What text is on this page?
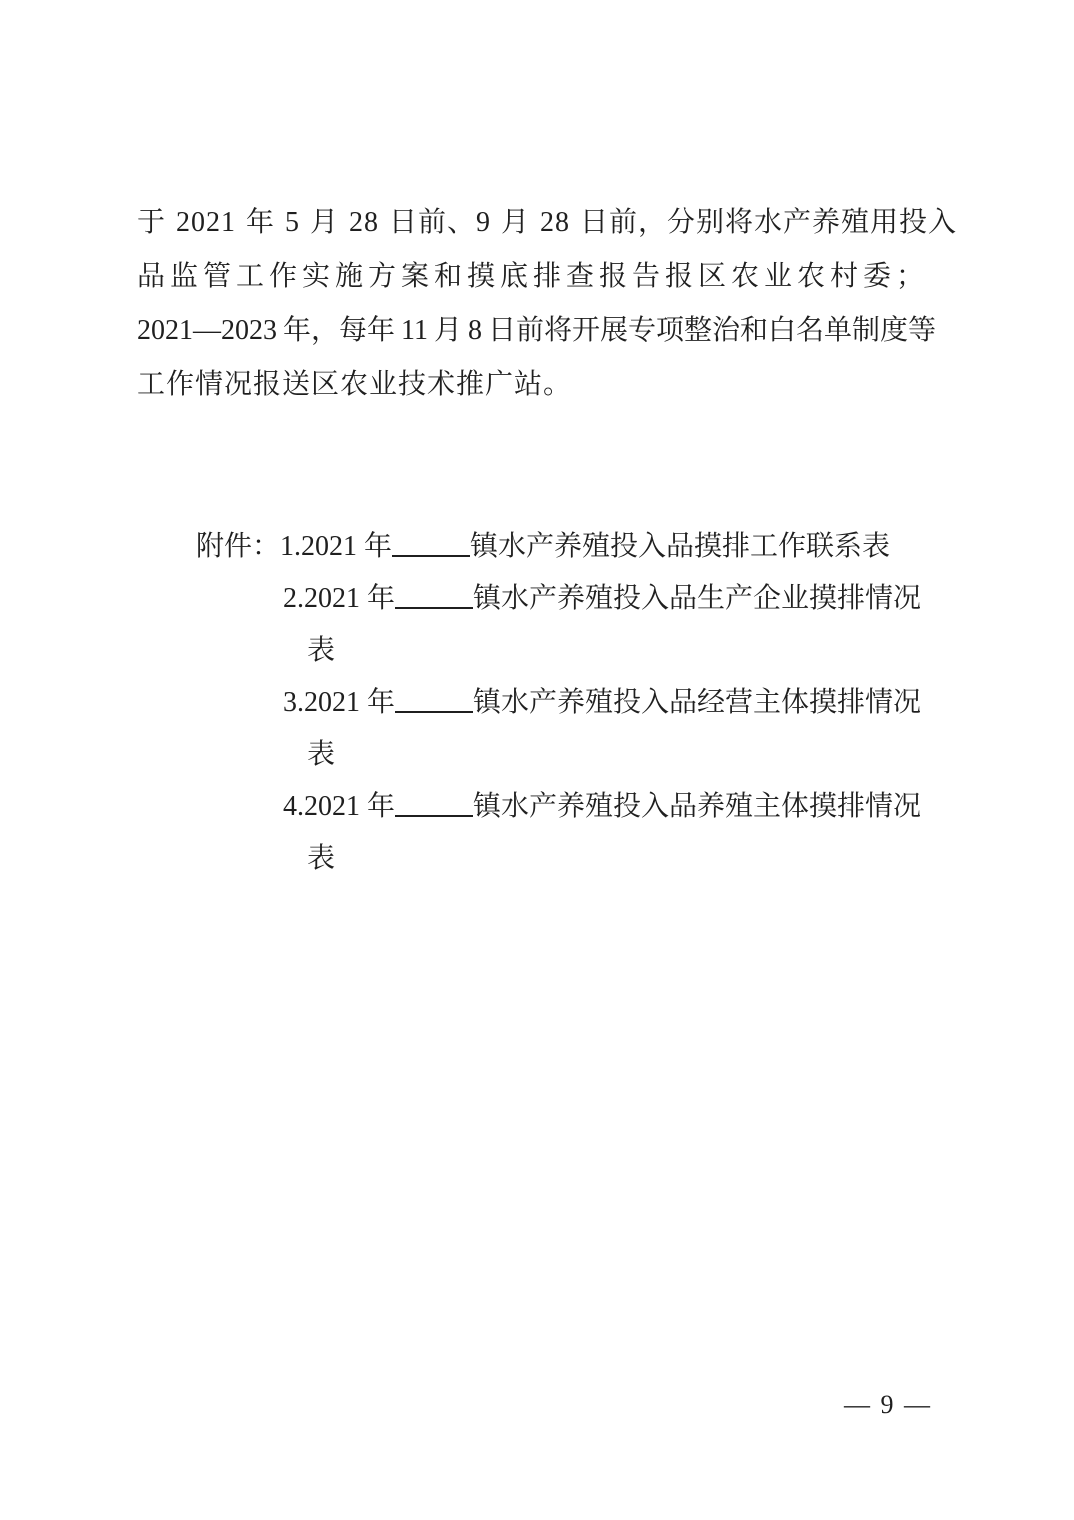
于 2021 年 5 月 28 日前、9 月 28 日前，分别将水产养殖用投入
品监管工作实施方案和摸底排查报告报区农业农村委；
2021—2023 年，每年 11 月 8 日前将开展专项整治和白名单制度等
工作情况报送区农业技术推广站。
附件：1.2021 年	镇水产养殖投入品摸排工作联系表
2.2021 年	镇水产养殖投入品生产企业摸排情况
表
3.2021 年	镇水产养殖投入品经营主体摸排情况
表
4.2021 年	镇水产养殖投入品养殖主体摸排情况
表
— 9 —
